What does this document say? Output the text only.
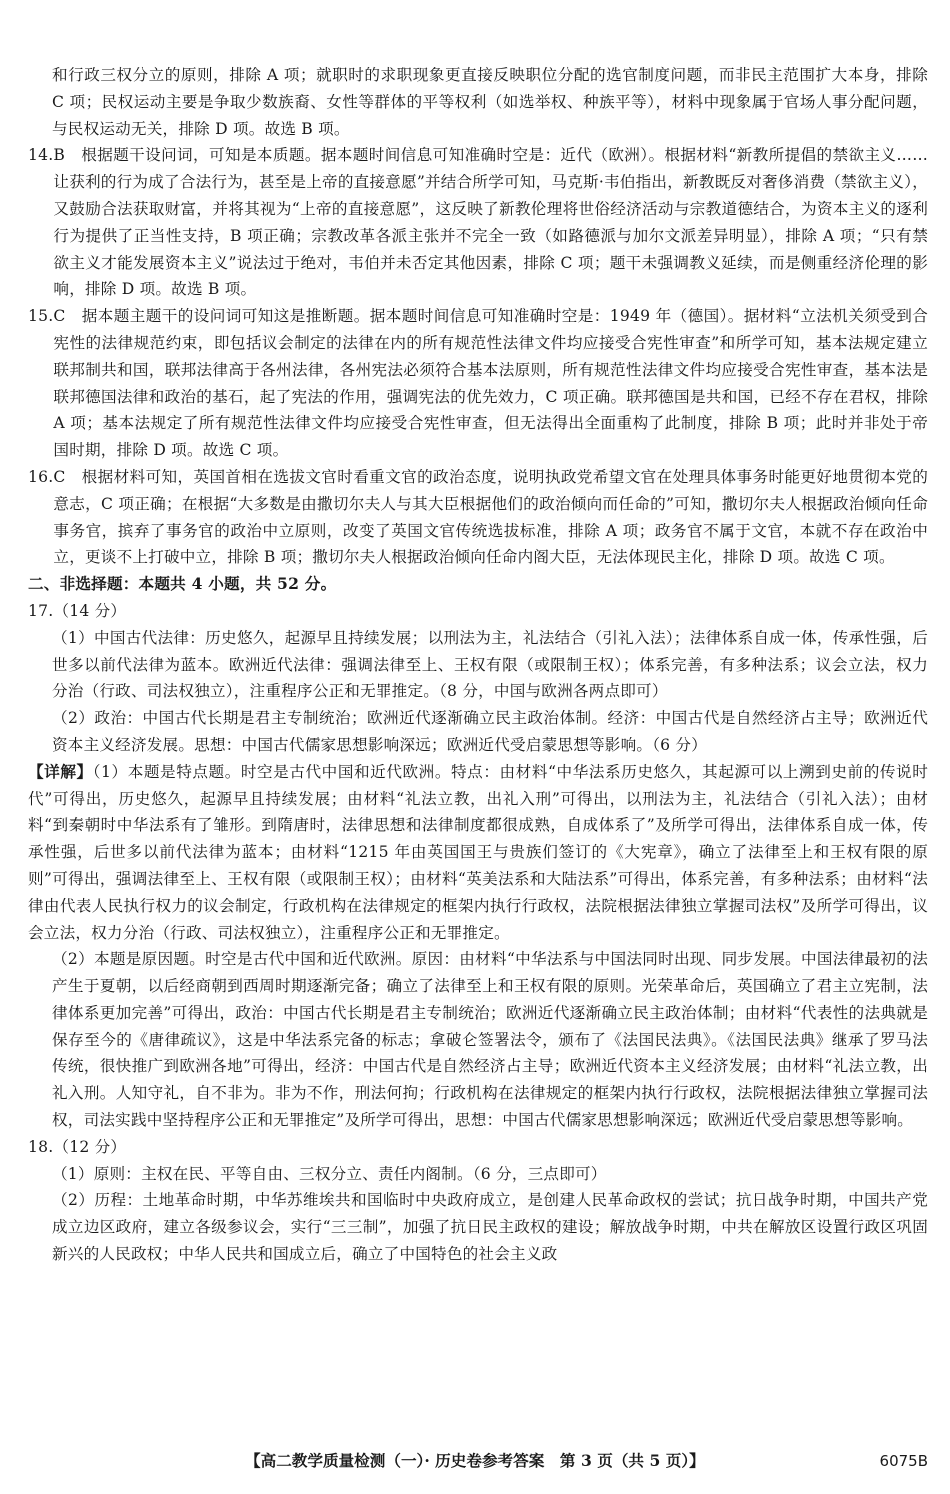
和行政三权分立的原则，排除 A 项；就职时的求职现象更直接反映职位分配的选官制度问题，而非民主范围扩大本身，排除 C 项；民权运动主要是争取少数族裔、女性等群体的平等权利（如选举权、种族平等），材料中现象属于官场人事分配问题，与民权运动无关，排除 D 项。故选 B 项。

14. B　根据题干设问词，可知是本质题。据本题时间信息可知准确时空是：近代（欧洲）。根据材料“新教所提倡的禁欲主义……让获利的行为成了合法行为，甚至是上帝的直接意愿”并结合所学可知，马克斯·韦伯指出，新教既反对奢侈消费（禁欲主义），又鼓励合法获取财富，并将其视为“上帝的直接意愿”，这反映了新教伦理将世俗经济活动与宗教道德结合，为资本主义的逐利行为提供了正当性支持，B 项正确；宗教改革各派主张并不完全一致（如路德派与加尔文派差异明显），排除 A 项；“只有禁欲主义才能发展资本主义”说法过于绝对，韦伯并未否定其他因素，排除 C 项；题干未强调教义延续，而是侧重经济伦理的影响，排除 D 项。故选 B 项。
15. C　据本题主题干的设问词可知这是推断题。据本题时间信息可知准确时空是：1949 年（德国）。据材料“立法机关须受到合宪性的法律规范约束，即包括议会制定的法律在内的所有规范性法律文件均应接受合宪性审查”和所学可知，基本法规定建立联邦制共和国，联邦法律高于各州法律，各州宪法必须符合基本法原则，所有规范性法律文件均应接受合宪性审查，基本法是联邦德国法律和政治的基石，起了宪法的作用，强调宪法的优先效力，C 项正确。联邦德国是共和国，已经不存在君权，排除 A 项；基本法规定了所有规范性法律文件均应接受合宪性审查，但无法得出全面重构了此制度，排除 B 项；此时并非处于帝国时期，排除 D 项。故选 C 项。
16. C　根据材料可知，英国首相在选拔文官时看重文官的政治态度，说明执政党希望文官在处理具体事务时能更好地贯彻本党的意志，C 项正确；在根据“大多数是由撒切尔夫人与其大臣根据他们的政治倾向而任命的”可知，撒切尔夫人根据政治倾向任命事务官，摈弃了事务官的政治中立原则，改变了英国文官传统选拔标准，排除 A 项；政务官不属于文官，本就不存在政治中立，更谈不上打破中立，排除 B 项；撒切尔夫人根据政治倾向任命内阁大臣，无法体现民主化，排除 D 项。故选 C 项。

二、非选择题：本题共 4 小题，共 52 分。

17.（14 分）

（1）中国古代法律：历史悠久，起源早且持续发展；以刑法为主，礼法结合（引礼入法）；法律体系自成一体，传承性强，后世多以前代法律为蓝本。欧洲近代法律：强调法律至上、王权有限（或限制王权）；体系完善，有多种法系；议会立法，权力分治（行政、司法权独立），注重程序公正和无罪推定。（8 分，中国与欧洲各两点即可）

（2）政治：中国古代长期是君主专制统治；欧洲近代逐渐确立民主政治体制。经济：中国古代是自然经济占主导；欧洲近代资本主义经济发展。思想：中国古代儒家思想影响深远；欧洲近代受启蒙思想等影响。（6 分）

【详解】（1）本题是特点题。时空是古代中国和近代欧洲。特点：由材料“中华法系历史悠久，其起源可以上溯到史前的传说时代”可得出，历史悠久，起源早且持续发展；由材料“礼法立教，出礼入刑”可得出，以刑法为主，礼法结合（引礼入法）；由材料“到秦朝时中华法系有了雏形。到隋唐时，法律思想和法律制度都很成熟，自成体系了”及所学可得出，法律体系自成一体，传承性强，后世多以前代法律为蓝本；由材料“1215 年由英国国王与贵族们签订的《大宪章》，确立了法律至上和王权有限的原则”可得出，强调法律至上、王权有限（或限制王权）；由材料“英美法系和大陆法系”可得出，体系完善，有多种法系；由材料“法律由代表人民执行权力的议会制定，行政机构在法律规定的框架内执行行政权，法院根据法律独立掌握司法权”及所学可得出，议会立法，权力分治（行政、司法权独立），注重程序公正和无罪推定。

（2）本题是原因题。时空是古代中国和近代欧洲。原因：由材料“中华法系与中国法同时出现、同步发展。中国法律最初的法产生于夏朝，以后经商朝到西周时期逐渐完备；确立了法律至上和王权有限的原则。光荣革命后，英国确立了君主立宪制，法律体系更加完善”可得出，政治：中国古代长期是君主专制统治；欧洲近代逐渐确立民主政治体制；由材料“代表性的法典就是保存至今的《唐律疏议》，这是中华法系完备的标志；拿破仑签署法令，颁布了《法国民法典》。《法国民法典》继承了罗马法传统，很快推广到欧洲各地”可得出，经济：中国古代是自然经济占主导；欧洲近代资本主义经济发展；由材料“礼法立教，出礼入刑。人知守礼，自不非为。非为不作，刑法何拘；行政机构在法律规定的框架内执行行政权，法院根据法律独立掌握司法权，司法实践中坚持程序公正和无罪推定”及所学可得出，思想：中国古代儒家思想影响深远；欧洲近代受启蒙思想等影响。

18.（12 分）

（1）原则：主权在民、平等自由、三权分立、责任内阁制。（6 分，三点即可）

（2）历程：土地革命时期，中华苏维埃共和国临时中央政府成立，是创建人民革命政权的尝试；抗日战争时期，中国共产党成立边区政府，建立各级参议会，实行“三三制”，加强了抗日民主政权的建设；解放战争时期，中共在解放区设置行政区巩固新兴的人民政权；中华人民共和国成立后，确立了中国特色的社会主义政

【高二教学质量检测（一）· 历史卷参考答案　第 3 页（共 5 页）】	6075B
